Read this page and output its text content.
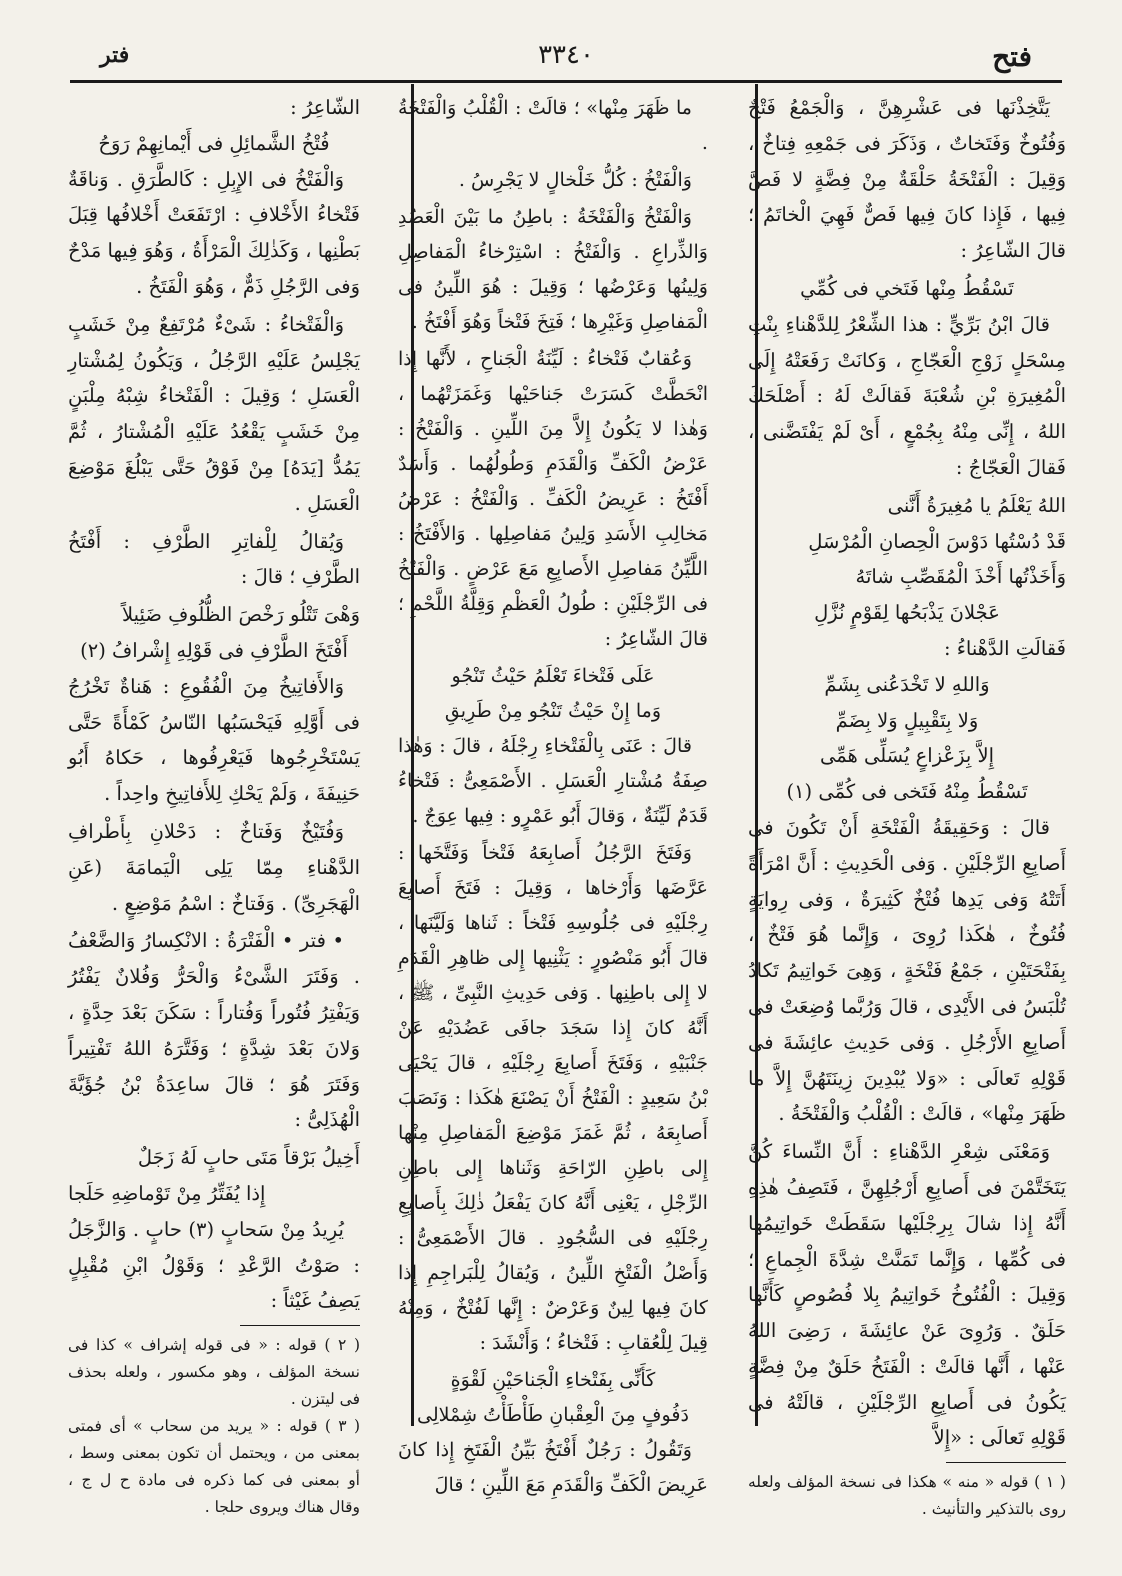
فتح
٣٣٤٠
فتر

يَتَّخِذْنَها فى عَشْرِهِنَّ ، وَالْجَمْعُ فَتْحٌ وَفُتُوخٌ وَفَتَخاتٌ ، وَذَكَرَ فى جَمْعِهِ فِتاخٌ ، وَقِيلَ : الْفَتْخَةُ حَلْقَةٌ مِنْ فِضَّةٍ لا فَصَّ فِيها ، فَإِذا كانَ فِيها فَصٌّ فَهِيَ الْخاتَمُ ؛ قالَ الشّاعِرُ :

تَسْقُطُ مِنْها فَتَخي فى كُمِّي

قالَ ابْنُ بَرِّيٍّ : هذا الشِّعْرُ لِلدَّهْناءِ بِنْتِ مِسْحَلٍ زَوْجِ الْعَجّاجِ ، وَكانَتْ رَفَعَتْهُ إِلَى الْمُغِيرَةِ بْنِ شُعْبَةَ فَقالَتْ لَهُ : أَصْلَحَكَ اللهُ ، إِنِّى مِنْهُ بِجُمْعٍ ، أَىْ لَمْ يَفْتَضَّنى ، فَقالَ الْعَجّاجُ :

اللهُ يَعْلَمُ يا مُغِيرَةُ أَنَّنى

قَدْ دُسْتُها دَوْسَ الْحِصانِ الْمُرْسَلِ

وَأَخَذْتُها أَخْذَ الْمُقَصِّبِ شاتَهُ

عَجْلانَ يَذْبَحُها لِقَوْمٍ نُزَّلِ

فَقالَتِ الدَّهْناءُ :

وَاللهِ لا تَخْدَعُنى بِشَمِّ

وَلا بِتَقْبِيلٍ وَلا بِضَمِّ

إِلاَّ بِزَعْزاعٍ يُسَلِّى هَمِّى

تَسْقُطُ مِنْهُ فَتَخى فى كُمِّى (١)

قالَ : وَحَقِيقَةُ الْفَتْخَةِ أَنْ تَكُونَ فى أَصابِعِ الرِّجْلَيْنِ . وَفى الْحَدِيثِ : أَنَّ امْرَأَةً أَتَتْهُ وَفى يَدِها فُتْخٌ كَثِيرَةٌ ، وَفى رِوايَةٍ فُتُوخٌ ، هٰكَذا رُوِىَ ، وَإِنَّما هُوَ فَتْخٌ ، بِفَتْحَتَيْنِ ، جَمْعُ فَتْخَةٍ ، وَهِىَ خَواتِيمُ تَكادُ تُلْبَسُ فى الأَيْدِى ، قالَ وَرُبَّما وُضِعَتْ فى أَصابِعِ الأَرْجُلِ . وَفى حَدِيثِ عائِشَةَ فى قَوْلِهِ تَعالَى : «وَلا يُبْدِينَ زِينَتَهُنَّ إِلاَّ ما ظَهَرَ مِنْها» ، قالَتْ : الْقُلْبُ وَالْفَتْخَةُ .

وَمَعْنَى شِعْرِ الدَّهْناءِ : أَنَّ النِّساءَ كُنَّ يَتَخَتَّمْنَ فى أَصابِعِ أَرْجُلِهِنَّ ، فَتَصِفُ هٰذِهِ أَنَّهُ إِذا شالَ بِرِجْلَيْها سَقَطَتْ خَواتِيمُها فى كُمِّها ، وَإِنَّما تَمَنَّتْ شِدَّةَ الْجِماعِ ؛ وَقِيلَ : الْفُتُوخُ خَواتِيمُ بِلا فُصُوصٍ كَأَنَّها حَلَقٌ . وَرُوِىَ عَنْ عائِشَةَ ، رَضِىَ اللهُ عَنْها ، أَنَّها قالَتْ : الْفَتَخُ حَلَقٌ مِنْ فِضَّةٍ يَكُونُ فى أَصابِعِ الرِّجْلَيْنِ ، قالَتْهُ فى قَوْلِهِ تَعالَى : «إِلاَّ

( ١ ) قوله « منه » هكذا فى نسخة المؤلف ولعله روى بالتذكير والتأنيث .

ما ظَهَرَ مِنْها» ؛ قالَتْ : الْقُلْبُ وَالْفَتْخَةُ .

وَالْفَتْخُ : كُلُّ خَلْخالٍ لا يَجْرِسُ .

وَالْفَتْخُ وَالْفَتْخَةُ : باطِنُ ما بَيْنَ الْعَضُدِ وَالذِّراعِ . وَالْفَتْخُ : اسْتِرْخاءُ الْمَفاصِلِ وَلِينُها وَعَرْضُها ؛ وَقِيلَ : هُوَ اللِّينُ فى الْمَفاصِلِ وَغَيْرِها ؛ فَتِخَ فَتْخاً وَهُوَ أَفْتَخُ .

وَعُقابٌ فَتْخاءُ : لَيِّنَةُ الْجَناحِ ، لأَنَّها إِذا انْحَطَّتْ كَسَرَتْ جَناحَيْها وَغَمَزَتْهُما ، وَهٰذا لا يَكُونُ إِلاَّ مِنَ اللِّينِ . وَالْفَتْخُ : عَرْضُ الْكَفِّ وَالْقَدَمِ وَطُولُهُما . وَأَسَدٌ أَفْتَخُ : عَرِيضُ الْكَفِّ . وَالْفَتْخُ : عَرْضُ مَخالِبِ الأَسَدِ وَلِينُ مَفاصِلِها . وَالأَفْتَخُ : اللَّيِّنُ مَفاصِلِ الأَصابِعِ مَعَ عَرْضٍ . وَالْفَتْخُ فى الرِّجْلَيْنِ : طُولُ الْعَظْمِ وَقِلَّةُ اللَّحْمِ ؛ قالَ الشّاعِرُ :

عَلَى فَتْخاءَ تَعْلَمُ حَيْثُ تَنْجُو

وَما إِنْ حَيْثُ تَنْجُو مِنْ طَرِيقِ

قالَ : عَنَى بِالْفَتْخاءِ رِجْلَهُ ، قالَ : وَهٰذا صِفَةُ مُشْتارِ الْعَسَلِ . الأَصْمَعِىُّ : فَتْخاءُ قَدَمٌ لَيِّنَةٌ ، وَقالَ أَبُو عَمْرٍو : فِيها عِوَجٌ .

وَفَتَخَ الرَّجُلُ أَصابِعَهُ فَتْخاً وَفَتَّخَها : عَرَّضَها وَأَرْخاها ، وَقِيلَ : فَتَخَ أَصابِعَ رِجْلَيْهِ فى جُلُوسِهِ فَتْخاً : ثَناها وَلَيَّنَها ، قالَ أَبُو مَنْصُورٍ : يَثْنِيها إِلى ظاهِرِ الْقَدَمِ لا إِلى باطِنِها . وَفى حَدِيثِ النَّبِىِّ ، ﷺ ، أَنَّهُ كانَ إِذا سَجَدَ جافَى عَضُدَيْهِ عَنْ جَنْبَيْهِ ، وَفَتَخَ أَصابِعَ رِجْلَيْهِ ، قالَ يَحْيَى بْنُ سَعِيدٍ : الْفَتْخُ أَنْ يَصْنَعَ هٰكَذا : وَنَصَبَ أَصابِعَهُ ، ثُمَّ غَمَزَ مَوْضِعَ الْمَفاصِلِ مِنْها إِلى باطِنِ الرّاحَةِ وَثَناها إِلى باطِنِ الرِّجْلِ ، يَعْنِى أَنَّهُ كانَ يَفْعَلُ ذٰلِكَ بِأَصابِعِ رِجْلَيْهِ فى السُّجُودِ . قالَ الأَصْمَعِىُّ : وَأَصْلُ الْفَتْخِ اللِّينُ ، وَيُقالُ لِلْبَراجِمِ إِذا كانَ فِيها لِينٌ وَعَرْضٌ : إِنَّها لَفُتْخٌ ، وَمِنْهُ قِيلَ لِلْعُقابِ : فَتْخاءُ ؛ وَأَنْشَدَ :

كَأَنِّى بِفَتْخاءِ الْجَناحَيْنِ لَقْوَةٍ

دَفُوفٍ مِنَ الْعِقْبانِ طَأْطَأْتُ شِمْلالِى

وَتَقُولُ : رَجُلٌ أَفْتَخُ بَيِّنُ الْفَتَخِ إِذا كانَ عَرِيضَ الْكَفِّ وَالْقَدَمِ مَعَ اللِّينِ ؛ قالَ

الشّاعِرُ :

فُتْخُ الشَّمائِلِ فى أَيْمانِهِمْ رَوَحُ

وَالْفَتْخُ فى الإِبِلِ : كَالطَّرَقِ . وَناقَةٌ فَتْخاءُ الأَخْلافِ : ارْتَفَعَتْ أَخْلافُها قِبَلَ بَطْنِها ، وَكَذٰلِكَ الْمَرْأَةُ ، وَهُوَ فِيها مَدْحٌ وَفى الرَّجُلِ ذَمٌّ ، وَهُوَ الْفَتَخُ .

وَالْفَتْخاءُ : شَىْءٌ مُرْتَفِعٌ مِنْ خَشَبٍ يَجْلِسُ عَلَيْهِ الرَّجُلُ ، وَيَكُونُ لِمُشْتارِ الْعَسَلِ ؛ وَقِيلَ : الْفَتْخاءُ شِبْهُ مِلْبَنٍ مِنْ خَشَبٍ يَقْعُدُ عَلَيْهِ الْمُشْتارُ ، ثُمَّ يَمُدُّ [يَدَهُ] مِنْ فَوْقُ حَتَّى يَبْلُغَ مَوْضِعَ الْعَسَلِ .

وَيُقالُ لِلْفاتِرِ الطَّرْفِ : أَفْتَخُ الطَّرْفِ ؛ قالَ :

وَهْىَ تَتْلُو رَخْصَ الظُّلُوفِ ضَئِيلاً

أَفْتَخَ الطَّرْفِ فى قَوْلِهِ إِشْرافُ (٢)

وَالأَفاتِيخُ مِنَ الْفُقُوعِ : هَناةٌ تَخْرُجُ فى أَوَّلِهِ فَيَحْسَبُها النّاسُ كَمْأَةً حَتَّى يَسْتَخْرِجُوها فَيَعْرِفُوها ، حَكاهُ أَبُو حَنِيفَةَ ، وَلَمْ يَحْكِ لِلأَفاتِيخِ واحِداً .

وَفُتَيْخٌ وَفَتاخٌ : دَحْلانِ بِأَطْرافِ الدَّهْناءِ مِمّا يَلِى الْيَمامَةَ (عَنِ الْهَجَرِىِّ) . وَفَتاخٌ : اسْمُ مَوْضِعٍ .

• فتر • الْفَتْرَةُ : الانْكِسارُ وَالضَّعْفُ . وَفَتَرَ الشَّىْءُ وَالْحَرُّ وَفُلانٌ يَفْتُرُ وَيَفْتِرُ فُتُوراً وَفُتاراً : سَكَنَ بَعْدَ حِدَّةٍ ، وَلانَ بَعْدَ شِدَّةٍ ؛ وَفَتَّرَهُ اللهُ تَفْتِيراً وَفَتَرَ هُوَ ؛ قالَ ساعِدَةُ بْنُ جُؤَيَّةَ الْهُذَلِىُّ :

أَخِيلُ بَرْقاً مَتَى حابٍ لَهُ زَجَلٌ

إِذا يُفَتِّرُ مِنْ تَوْماضِهِ حَلَجا

يُرِيدُ مِنْ سَحابٍ (٣) حابٍ . وَالزَّجَلُ : صَوْتُ الرَّعْدِ ؛ وَقَوْلُ ابْنِ مُقْبِلٍ يَصِفُ غَيْثاً :

( ٢ ) قوله : « فى قوله إشراف » كذا فى نسخة المؤلف ، وهو مكسور ، ولعله بحذف فى ليتزن .

( ٣ ) قوله : « يريد من سحاب » أى فمتى بمعنى من ، ويحتمل أن تكون بمعنى وسط ، أو بمعنى فى كما ذكره فى مادة ح ل ج ، وقال هناك ويروى حلجا .
